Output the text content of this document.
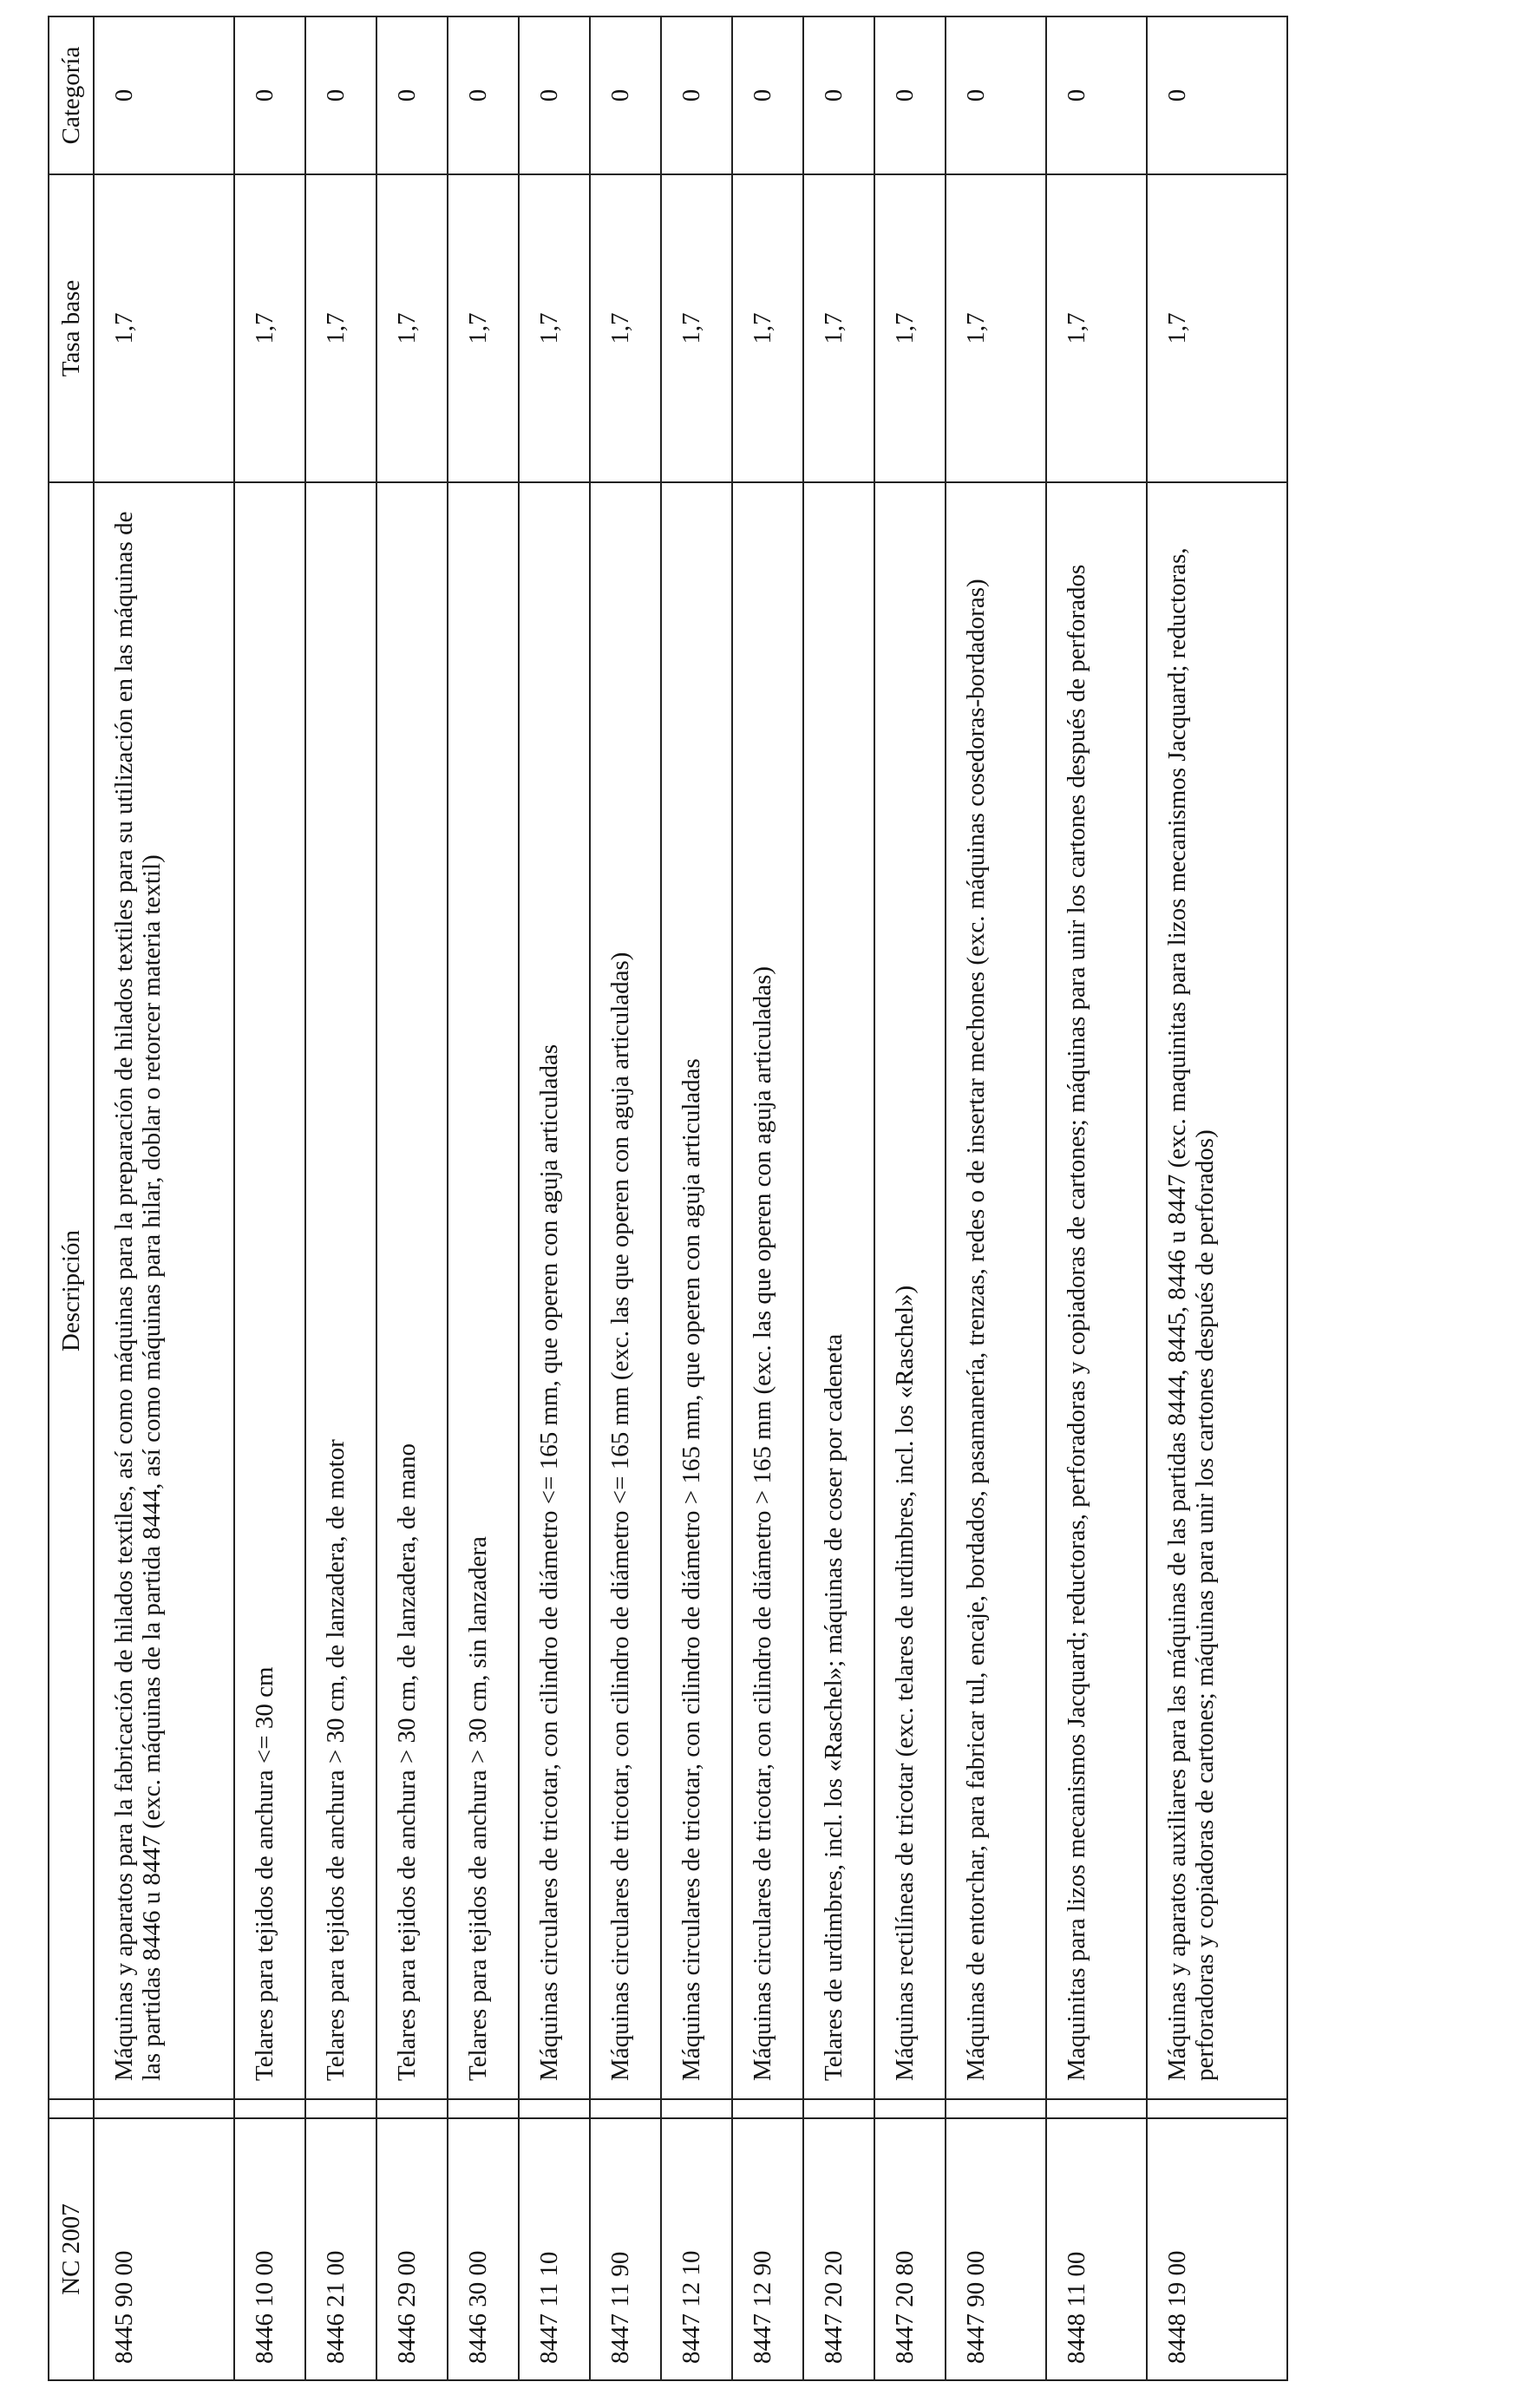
NC 2007		Descripción	Tasa base	Categoría
8445 90 00		Máquinas y aparatos para la fabricación de hilados textiles, así como máquinas para la preparación de hilados textiles para su utilización en las máquinas de las partidas 8446 u 8447 (exc. máquinas de la partida 8444, así como máquinas para hilar, doblar o retorcer materia textil)	1,7	0
8446 10 00		Telares para tejidos de anchura <= 30 cm	1,7	0
8446 21 00		Telares para tejidos de anchura > 30 cm, de lanzadera, de motor	1,7	0
8446 29 00		Telares para tejidos de anchura > 30 cm, de lanzadera, de mano	1,7	0
8446 30 00		Telares para tejidos de anchura > 30 cm, sin lanzadera	1,7	0
8447 11 10		Máquinas circulares de tricotar, con cilindro de diámetro <= 165 mm, que operen con aguja articuladas	1,7	0
8447 11 90		Máquinas circulares de tricotar, con cilindro de diámetro <= 165 mm (exc. las que operen con aguja articuladas)	1,7	0
8447 12 10		Máquinas circulares de tricotar, con cilindro de diámetro > 165 mm, que operen con aguja articuladas	1,7	0
8447 12 90		Máquinas circulares de tricotar, con cilindro de diámetro > 165 mm (exc. las que operen con aguja articuladas)	1,7	0
8447 20 20		Telares de urdimbres, incl. los «Raschel»; máquinas de coser por cadeneta	1,7	0
8447 20 80		Máquinas rectilíneas de tricotar (exc. telares de urdimbres, incl. los «Raschel»)	1,7	0
8447 90 00		Máquinas de entorchar, para fabricar tul, encaje, bordados, pasamanería, trenzas, redes o de insertar mechones (exc. máquinas cosedoras-bordadoras)	1,7	0
8448 11 00		Maquinitas para lizos mecanismos Jacquard; reductoras, perforadoras y copiadoras de cartones; máquinas para unir los cartones después de perforados	1,7	0
8448 19 00		Máquinas y aparatos auxiliares para las máquinas de las partidas 8444, 8445, 8446 u 8447 (exc. maquinitas para lizos mecanismos Jacquard; reductoras, perforadoras y copiadoras de cartones; máquinas para unir los cartones después de perforados)	1,7	0
